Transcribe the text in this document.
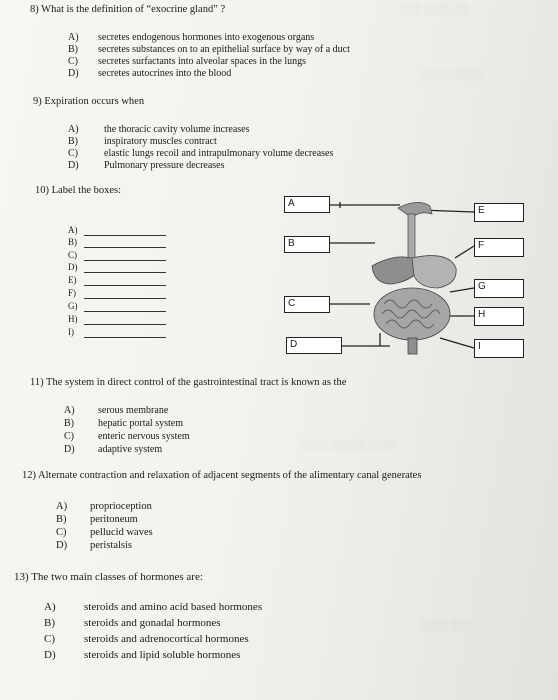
▒▒▒ ▒▒▒▒ ▒▒
▒▒▒▒▒▒▒▒▒
▒▒▒▒ ▒▒▒▒▒ ▒▒▒▒
▒▒▒▒ ▒▒▒
8) What is the definition of “exocrine gland” ?
A) secretes endogenous hormones into exogenous organs
B) secretes substances on to an epithelial surface by way of a duct
C) secretes surfactants into alveolar spaces in the lungs
D) secretes autocrines into the blood
9) Expiration occurs when
A)	the thoracic cavity volume increases
B)	inspiratory muscles contract
C)	elastic lungs recoil and intrapulmonary volume decreases
D)	Pulmonary pressure decreases
10) Label the boxes:
A)
B)
C)
D)
E)
F)
G)
H)
I)
A
B
C
D
E
F
G
H
I
11) The system in direct control of the gastrointestinal tract is known as the
A) serous membrane
B) hepatic portal system
C) enteric nervous system
D) adaptive system
12) Alternate contraction and relaxation of adjacent segments of the alimentary canal generates
A) proprioception
B) peritoneum
C) pellucid waves
D) peristalsis
13) The two main classes of hormones are:
A)	steroids and amino acid based hormones
B)	steroids and gonadal hormones
C)	steroids and adrenocortical hormones
D)	steroids and lipid soluble hormones
